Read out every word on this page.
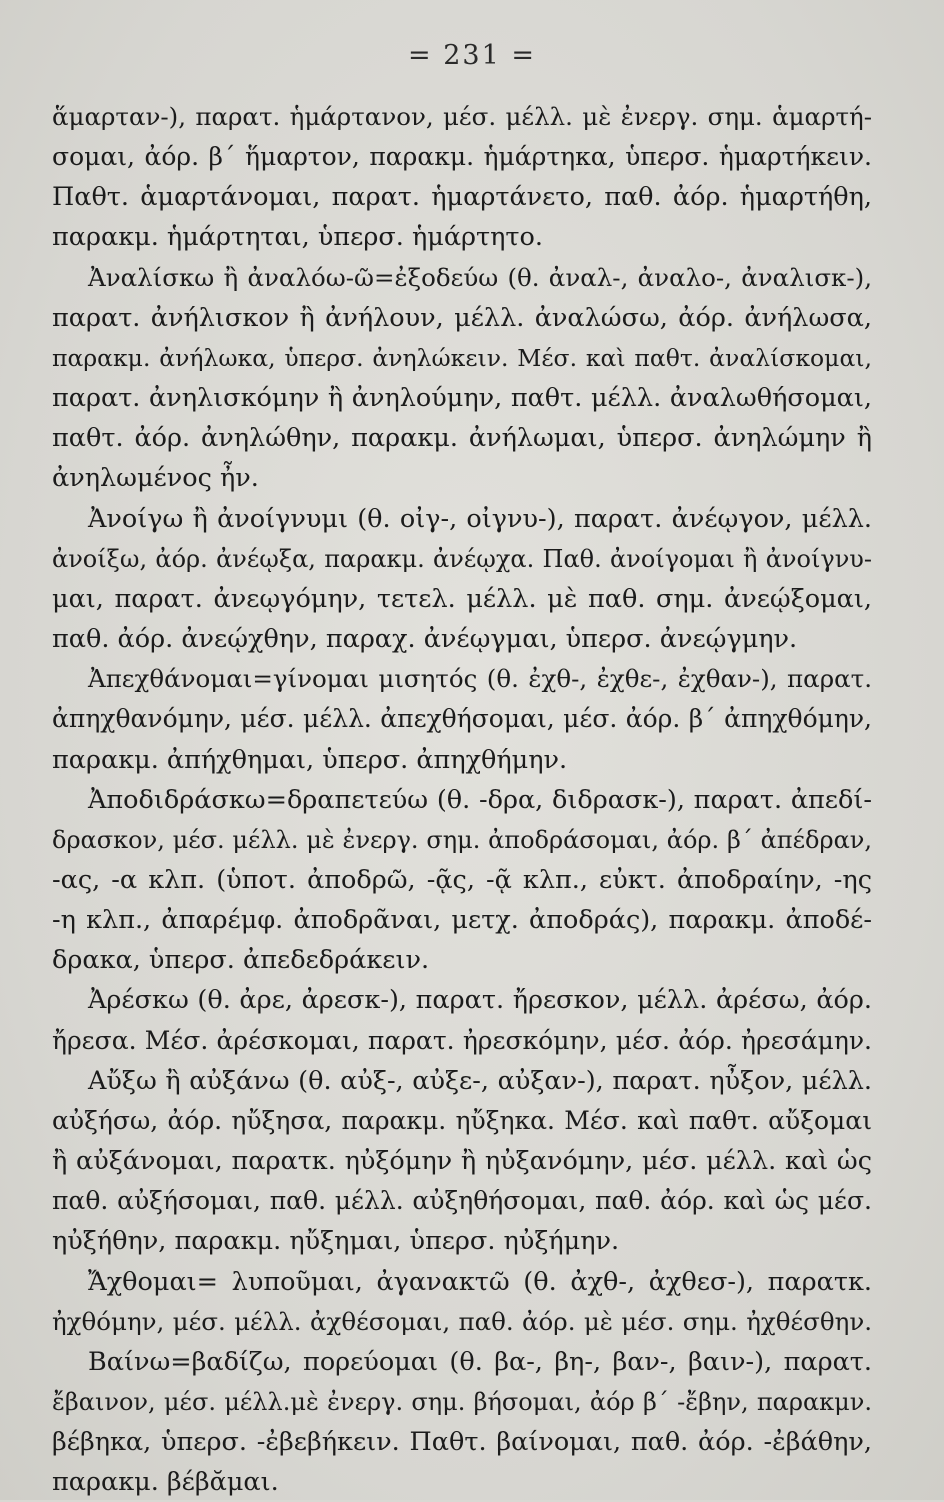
= 231 =
ἅμαρταν-), παρατ. ἡμάρτανον, μέσ. μέλλ. μὲ ἐνεργ. σημ. ἁμαρτή-
σομαι, ἀόρ. β΄ ἥμαρτον, παρακμ. ἡμάρτηκα, ὑπερσ. ἡμαρτήκειν.
Παθτ. ἁμαρτάνομαι, παρατ. ἡμαρτάνετο, παθ. ἀόρ. ἡμαρτήθη,
παρακμ. ἡμάρτηται, ὑπερσ. ἡμάρτητο.
Ἀναλίσκω ἢ ἀναλόω-ῶ=ἐξοδεύω (θ. ἀναλ-, ἀναλο-, ἀναλισκ-),
παρατ. ἀνήλισκον ἢ ἀνήλουν, μέλλ. ἀναλώσω, ἀόρ. ἀνήλωσα,
παρακμ. ἀνήλωκα, ὑπερσ. ἀνηλώκειν. Μέσ. καὶ παθτ. ἀναλίσκομαι,
παρατ. ἀνηλισκόμην ἢ ἀνηλούμην, παθτ. μέλλ. ἀναλωθήσομαι,
παθτ. ἀόρ. ἀνηλώθην, παρακμ. ἀνήλωμαι, ὑπερσ. ἀνηλώμην ἢ
ἀνηλωμένος ἦν.
Ἀνοίγω ἢ ἀνοίγνυμι (θ. οἰγ-, οἰγνυ-), παρατ. ἀνέῳγον, μέλλ.
ἀνοίξω, ἀόρ. ἀνέῳξα, παρακμ. ἀνέῳχα. Παθ. ἀνοίγομαι ἢ ἀνοίγνυ-
μαι, παρατ. ἀνεῳγόμην, τετελ. μέλλ. μὲ παθ. σημ. ἀνεῴξομαι,
παθ. ἀόρ. ἀνεῴχθην, παραχ. ἀνέῳγμαι, ὑπερσ. ἀνεῴγμην.
Ἀπεχθάνομαι=γίνομαι μισητός (θ. ἐχθ-, ἐχθε-, ἐχθαν-), παρατ.
ἀπηχθανόμην, μέσ. μέλλ. ἀπεχθήσομαι, μέσ. ἀόρ. β΄ ἀπηχθόμην,
παρακμ. ἀπήχθημαι, ὑπερσ. ἀπηχθήμην.
Ἀποδιδράσκω=δραπετεύω (θ. -δρα, διδρασκ-), παρατ. ἀπεδί-
δρασκον, μέσ. μέλλ. μὲ ἐνεργ. σημ. ἀποδράσομαι, ἀόρ. β΄ ἀπέδραν,
-ας, -α κλπ. (ὑποτ. ἀποδρῶ, -ᾷς, -ᾷ κλπ., εὐκτ. ἀποδραίην, -ης
-η κλπ., ἀπαρέμφ. ἀποδρᾶναι, μετχ. ἀποδράς), παρακμ. ἀποδέ-
δρακα, ὑπερσ. ἀπεδεδράκειν.
Ἀρέσκω (θ. ἀρε, ἀρεσκ-), παρατ. ἤρεσκον, μέλλ. ἀρέσω, ἀόρ.
ἤρεσα. Μέσ. ἀρέσκομαι, παρατ. ἠρεσκόμην, μέσ. ἀόρ. ἠρεσάμην.
Αὔξω ἢ αὐξάνω (θ. αὐξ-, αὐξε-, αὐξαν-), παρατ. ηὖξον, μέλλ.
αὐξήσω, ἀόρ. ηὔξησα, παρακμ. ηὔξηκα. Μέσ. καὶ παθτ. αὔξομαι
ἢ αὐξάνομαι, παρατκ. ηὐξόμην ἢ ηὐξανόμην, μέσ. μέλλ. καὶ ὡς
παθ. αὐξήσομαι, παθ. μέλλ. αὐξηθήσομαι, παθ. ἀόρ. καὶ ὡς μέσ.
ηὐξήθην, παρακμ. ηὔξημαι, ὑπερσ. ηὐξήμην.
Ἄχθομαι= λυποῦμαι, ἀγανακτῶ (θ. ἀχθ-, ἀχθεσ-), παρατκ.
ἠχθόμην, μέσ. μέλλ. ἀχθέσομαι, παθ. ἀόρ. μὲ μέσ. σημ. ἠχθέσθην.
Βαίνω=βαδίζω, πορεύομαι (θ. βα-, βη-, βαν-, βαιν-), παρατ.
ἔβαινον, μέσ. μέλλ.μὲ ἐνεργ. σημ. βήσομαι, ἀόρ β΄ -ἔβην, παρακμν.
βέβηκα, ὑπερσ. -ἐβεβήκειν. Παθτ. βαίνομαι, παθ. ἀόρ. -ἐβάθην,
παρακμ. βέβᾰμαι.
